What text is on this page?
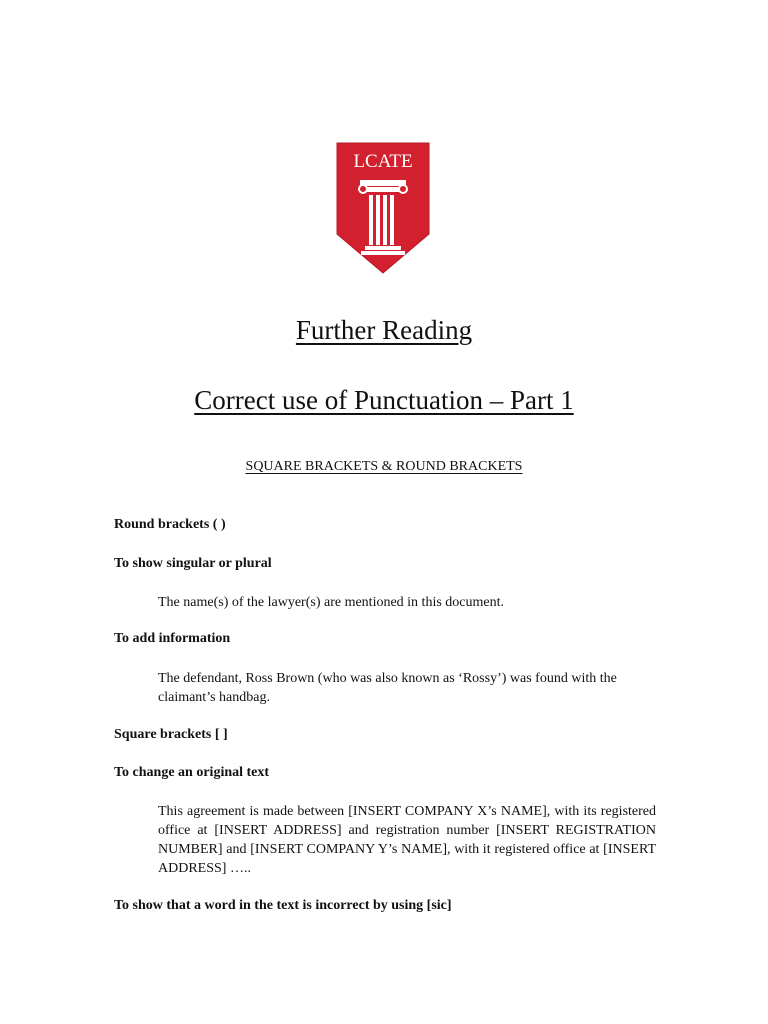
LCATE
Further Reading
Correct use of Punctuation – Part 1
SQUARE BRACKETS & ROUND BRACKETS
Round brackets ( )
To show singular or plural
The name(s) of the lawyer(s) are mentioned in this document.
To add information
The defendant, Ross Brown (who was also known as ‘Rossy’) was found with the claimant’s handbag.
Square brackets [ ]
To change an original text
This agreement is made between [INSERT COMPANY X’s NAME], with its registered office at [INSERT ADDRESS] and registration number [INSERT REGISTRATION NUMBER] and [INSERT COMPANY Y’s NAME], with it registered office at [INSERT ADDRESS] …..
To show that a word in the text is incorrect by using [sic]
